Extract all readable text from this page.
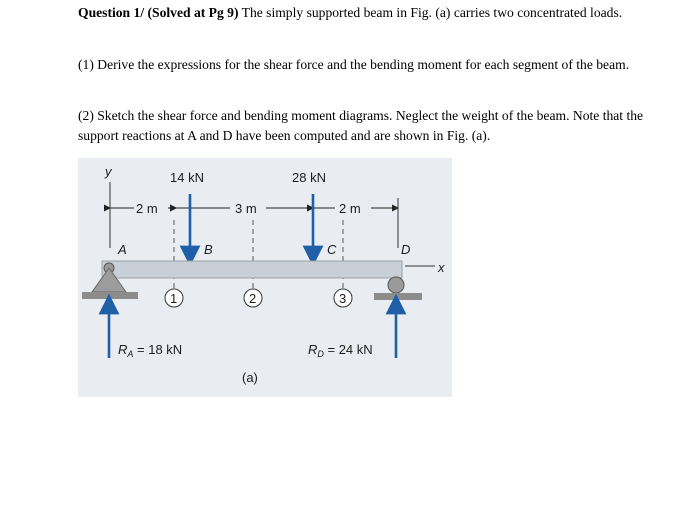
Question 1/ (Solved at Pg 9) The simply supported beam in Fig. (a) carries two concentrated loads.

(1) Derive the expressions for the shear force and the bending moment for each segment of the beam.

(2) Sketch the shear force and bending moment diagrams. Neglect the weight of the beam. Note that the support reactions at A and D have been computed and are shown in Fig. (a).

y	14 kN	28 kN
2 m	3 m	2 m
A	B	C	D
x
1	2	3
$R_A = 18$ kN	$R_D = 24$ kN
(a)
